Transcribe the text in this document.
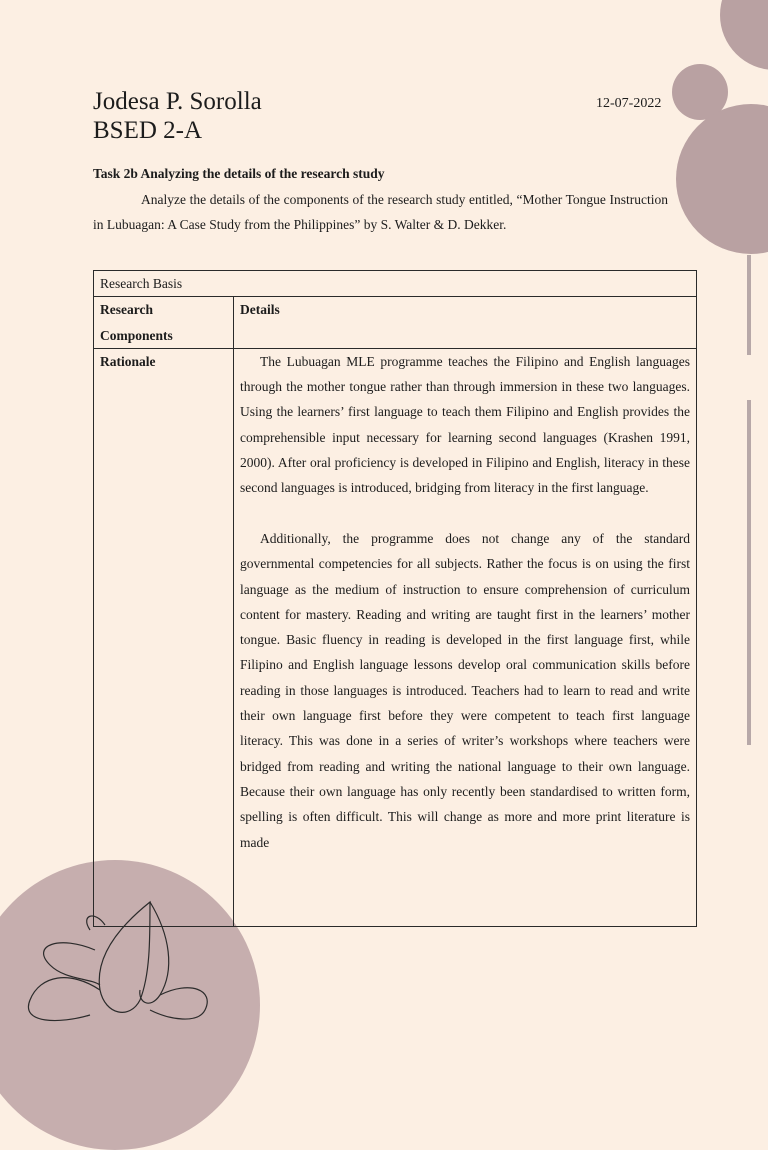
Jodesa P. Sorolla
BSED 2-A
12-07-2022
Task 2b Analyzing the details of the research study
Analyze the details of the components of the research study entitled, “Mother Tongue Instruction in Lubuagan: A Case Study from the Philippines” by S. Walter & D. Dekker.
Research Basis	
Research Components	Details
Rationale	The Lubuagan MLE programme teaches the Filipino and English languages through the mother tongue rather than through immersion in these two languages. Using the learners’ first language to teach them Filipino and English provides the comprehensible input necessary for learning second languages (Krashen 1991, 2000). After oral proficiency is developed in Filipino and English, literacy in these second languages is introduced, bridging from literacy in the first language.

Additionally, the programme does not change any of the standard governmental competencies for all subjects. Rather the focus is on using the first language as the medium of instruction to ensure comprehension of curriculum content for mastery. Reading and writing are taught first in the learners’ mother tongue. Basic fluency in reading is developed in the first language first, while Filipino and English language lessons develop oral communication skills before reading in those languages is introduced. Teachers had to learn to read and write their own language first before they were competent to teach first language literacy. This was done in a series of writer’s workshops where teachers were bridged from reading and writing the national language to their own language. Because their own language has only recently been standardised to written form, spelling is often difficult. This will change as more and more print literature is made
